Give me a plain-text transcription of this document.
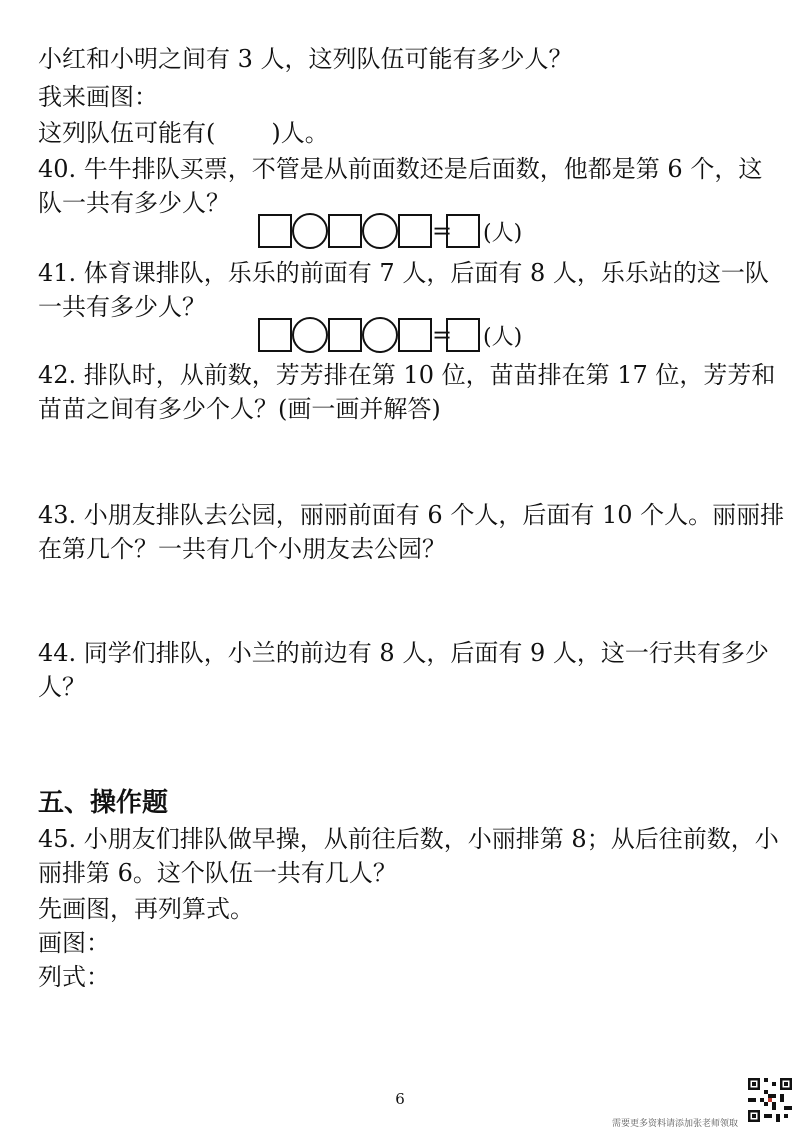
小红和小明之间有 3 人，这列队伍可能有多少人？
我来画图：
这列队伍可能有( )人。
40. 牛牛排队买票，不管是从前面数还是后面数，他都是第 6 个，这
队一共有多少人？
= (人)
41. 体育课排队，乐乐的前面有 7 人，后面有 8 人，乐乐站的这一队
一共有多少人？
= (人)
42. 排队时，从前数，芳芳排在第 10 位，苗苗排在第 17 位，芳芳和
苗苗之间有多少个人？(画一画并解答)
43. 小朋友排队去公园，丽丽前面有 6 个人，后面有 10 个人。丽丽排
在第几个？一共有几个小朋友去公园？
44. 同学们排队，小兰的前边有 8 人，后面有 9 人，这一行共有多少
人？
五、操作题
45. 小朋友们排队做早操，从前往后数，小丽排第 8；从后往前数，小
丽排第 6。这个队伍一共有几人？
先画图，再列算式。
画图：
列式：
6
需要更多资料请添加张老师领取
